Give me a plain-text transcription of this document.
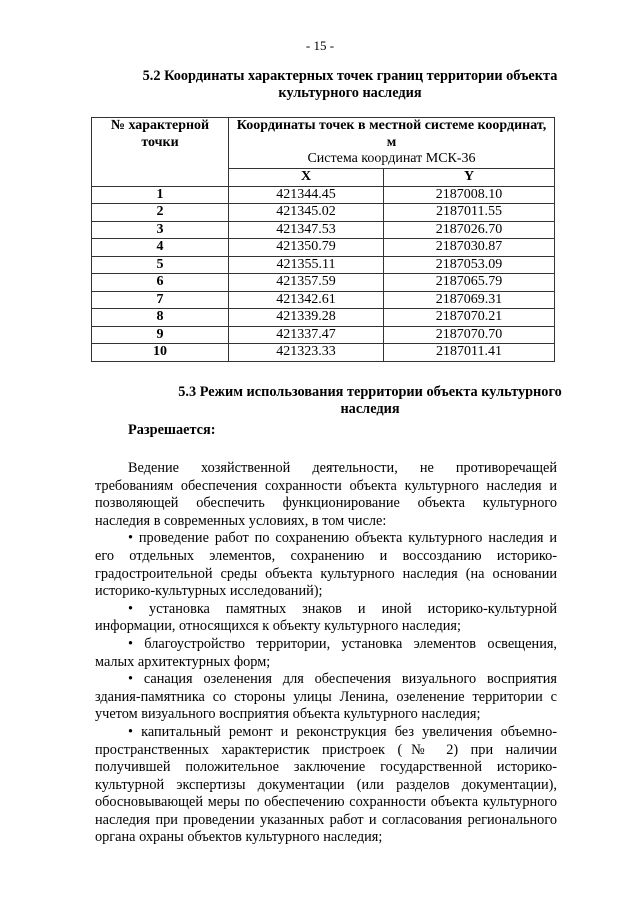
- 15 -
5.2 Координаты характерных точек границ территории объекта культурного наследия
№ характерной точки	Координаты точек в местной системе координат, м
Система координат МСК-36	
	X	Y
1	421344.45	2187008.10
2	421345.02	2187011.55
3	421347.53	2187026.70
4	421350.79	2187030.87
5	421355.11	2187053.09
6	421357.59	2187065.79
7	421342.61	2187069.31
8	421339.28	2187070.21
9	421337.47	2187070.70
10	421323.33	2187011.41
5.3 Режим использования территории объекта культурного наследия
Разрешается:

Ведение хозяйственной деятельности, не противоречащей требованиям обеспечения сохранности объекта культурного наследия и позволяющей обеспечить функционирование объекта культурного наследия в современных условиях, в том числе:

• проведение работ по сохранению объекта культурного наследия и его отдельных элементов, сохранению и воссозданию историко-градостроительной среды объекта культурного наследия (на основании историко-культурных исследований);

• установка памятных знаков и иной историко-культурной информации, относящихся к объекту культурного наследия;

• благоустройство территории, установка элементов освещения, малых архитектурных форм;

• санация озеленения для обеспечения визуального восприятия здания-памятника со стороны улицы Ленина, озеленение территории с учетом визуального восприятия объекта культурного наследия;

• капитальный ремонт и реконструкция без увеличения объемно-пространственных характеристик пристроек (№ 2) при наличии получившей положительное заключение государственной историко-культурной экспертизы документации (или разделов документации), обосновывающей меры по обеспечению сохранности объекта культурного наследия при проведении указанных работ и согласования регионального органа охраны объектов культурного наследия;
